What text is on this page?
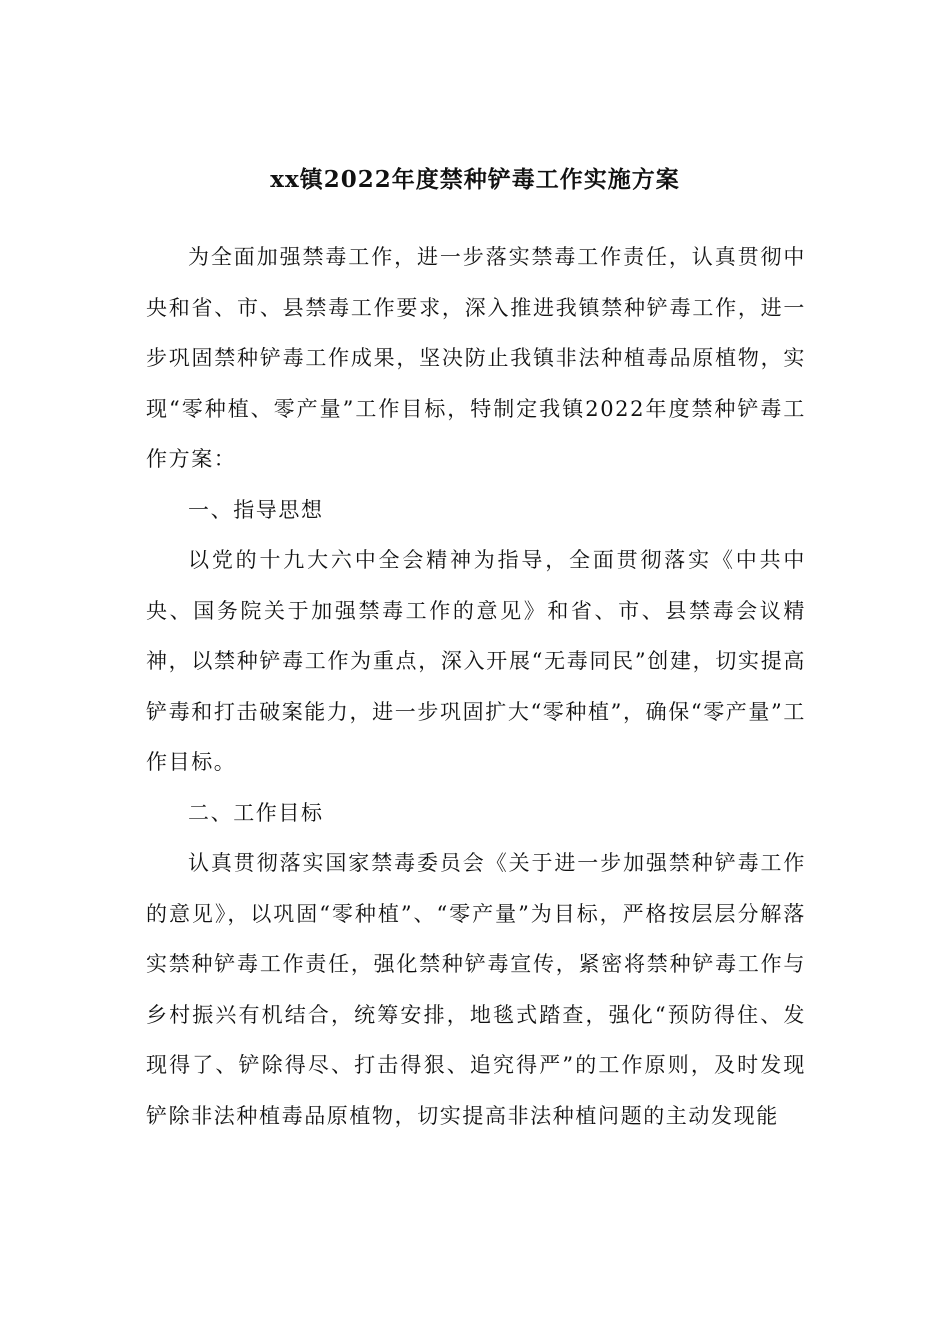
xx镇2022年度禁种铲毒工作实施方案

为全面加强禁毒工作，进一步落实禁毒工作责任，认真贯彻中央和省、市、县禁毒工作要求，深入推进我镇禁种铲毒工作，进一步巩固禁种铲毒工作成果，坚决防止我镇非法种植毒品原植物，实现“零种植、零产量”工作目标，特制定我镇2022年度禁种铲毒工作方案：

一、指导思想

以党的十九大六中全会精神为指导，全面贯彻落实《中共中央、国务院关于加强禁毒工作的意见》和省、市、县禁毒会议精神，以禁种铲毒工作为重点，深入开展“无毒同民”创建，切实提高铲毒和打击破案能力，进一步巩固扩大“零种植”，确保“零产量”工作目标。

二、工作目标

认真贯彻落实国家禁毒委员会《关于进一步加强禁种铲毒工作的意见》，以巩固“零种植”、“零产量”为目标，严格按层层分解落实禁种铲毒工作责任，强化禁种铲毒宣传，紧密将禁种铲毒工作与乡村振兴有机结合，统筹安排，地毯式踏查，强化“预防得住、发现得了、铲除得尽、打击得狠、追究得严”的工作原则，及时发现铲除非法种植毒品原植物，切实提高非法种植问题的主动发现能
